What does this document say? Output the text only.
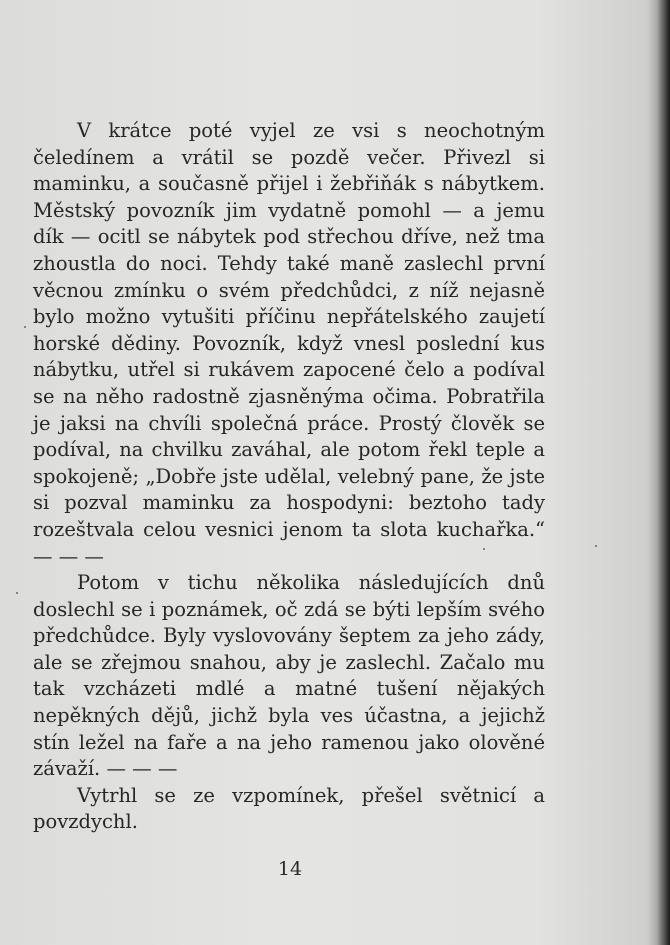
V krátce poté vyjel ze vsi s neochotným čeledínem a vrátil se pozdě večer. Přivezl si maminku, a současně přijel i žebřiňák s nábytkem. Městský povozník jim vydatně pomohl — a jemu dík — ocitl se nábytek pod střechou dříve, než tma zhoustla do noci. Tehdy také maně zaslechl první věcnou zmínku o svém předchůdci, z níž nejasně bylo možno vytušiti příčinu nepřátelského zaujetí horské dědiny. Povozník, když vnesl poslední kus nábytku, utřel si rukávem zapocené čelo a podíval se na něho radostně zjasněnýma očima. Pobratřila je jaksi na chvíli společná práce. Prostý člověk se podíval, na chvilku zaváhal, ale potom řekl teple a spokojeně; „Dobře jste udělal, velebný pane, že jste si pozval maminku za hospodyni: beztoho tady rozeštvala celou vesnici jenom ta slota kuchařka.“ — — —

Potom v tichu několika následujících dnů doslechl se i poznámek, oč zdá se býti lepším svého předchůdce. Byly vyslovovány šeptem za jeho zády, ale se zřejmou snahou, aby je zaslechl. Začalo mu tak vzcházeti mdlé a matné tušení nějakých nepěkných dějů, jichž byla ves účastna, a jejichž stín ležel na faře a na jeho ramenou jako olověné závaží. — — —

Vytrhl se ze vzpomínek, přešel světnicí a povzdychl.

14
